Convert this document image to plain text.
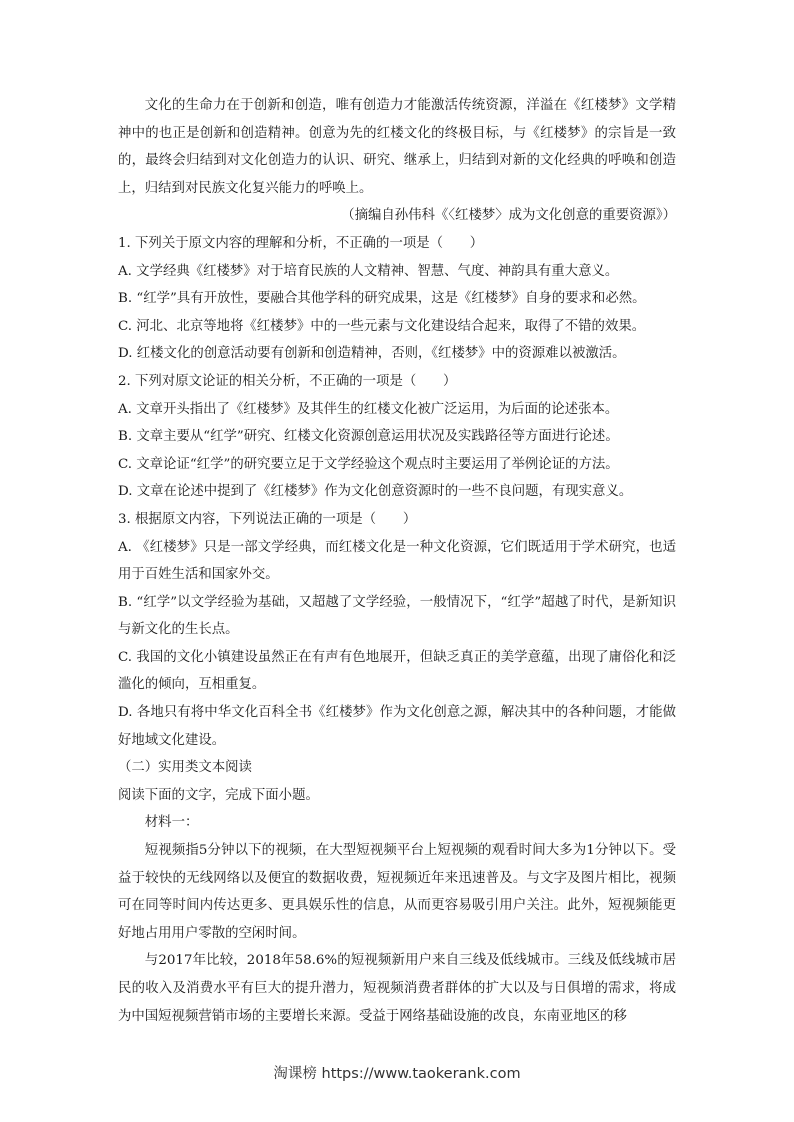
文化的生命力在于创新和创造，唯有创造力才能激活传统资源，洋溢在《红楼梦》文学精神中的也正是创新和创造精神。创意为先的红楼文化的终极目标，与《红楼梦》的宗旨是一致的，最终会归结到对文化创造力的认识、研究、继承上，归结到对新的文化经典的呼唤和创造上，归结到对民族文化复兴能力的呼唤上。

（摘编自孙伟科《〈红楼梦〉成为文化创意的重要资源》）

1. 下列关于原文内容的理解和分析，不正确的一项是（　　）

A. 文学经典《红楼梦》对于培育民族的人文精神、智慧、气度、神韵具有重大意义。

B. “红学”具有开放性，要融合其他学科的研究成果，这是《红楼梦》自身的要求和必然。

C. 河北、北京等地将《红楼梦》中的一些元素与文化建设结合起来，取得了不错的效果。

D. 红楼文化的创意活动要有创新和创造精神，否则，《红楼梦》中的资源难以被激活。

2. 下列对原文论证的相关分析，不正确的一项是（　　）

A. 文章开头指出了《红楼梦》及其伴生的红楼文化被广泛运用，为后面的论述张本。

B. 文章主要从“红学”研究、红楼文化资源创意运用状况及实践路径等方面进行论述。

C. 文章论证“红学”的研究要立足于文学经验这个观点时主要运用了举例论证的方法。

D. 文章在论述中提到了《红楼梦》作为文化创意资源时的一些不良问题，有现实意义。

3. 根据原文内容，下列说法正确的一项是（　　）

A. 《红楼梦》只是一部文学经典，而红楼文化是一种文化资源，它们既适用于学术研究，也适用于百姓生活和国家外交。

B. “红学”以文学经验为基础，又超越了文学经验，一般情况下，“红学”超越了时代，是新知识与新文化的生长点。

C. 我国的文化小镇建设虽然正在有声有色地展开，但缺乏真正的美学意蕴，出现了庸俗化和泛滥化的倾向，互相重复。

D. 各地只有将中华文化百科全书《红楼梦》作为文化创意之源，解决其中的各种问题，才能做好地域文化建设。

（二）实用类文本阅读

阅读下面的文字，完成下面小题。

材料一：

短视频指5分钟以下的视频，在大型短视频平台上短视频的观看时间大多为1分钟以下。受益于较快的无线网络以及便宜的数据收费，短视频近年来迅速普及。与文字及图片相比，视频可在同等时间内传达更多、更具娱乐性的信息，从而更容易吸引用户关注。此外，短视频能更好地占用用户零散的空闲时间。

与2017年比较，2018年58.6%的短视频新用户来自三线及低线城市。三线及低线城市居民的收入及消费水平有巨大的提升潜力，短视频消费者群体的扩大以及与日俱增的需求，将成为中国短视频营销市场的主要增长来源。受益于网络基础设施的改良，东南亚地区的移

淘课榜 https://www.taokerank.com
